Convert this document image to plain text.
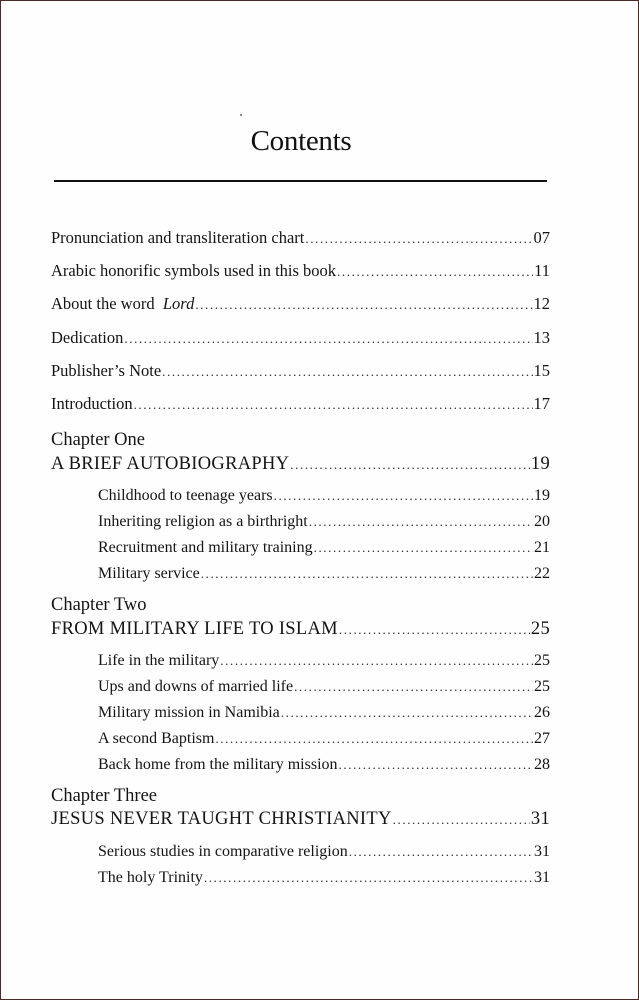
Contents
Pronunciation and transliteration chart .....	07
Arabic honorific symbols used in this book .....	11
About the word  Lord .....	12
Dedication .....	13
Publisher’s Note .....	15
Introduction .....	17
Chapter One
A BRIEF AUTOBIOGRAPHY .....	19
Childhood to teenage years .....	19
Inheriting religion as a birthright .....	20
Recruitment and military training .....	21
Military service .....	22
Chapter Two
FROM MILITARY LIFE TO ISLAM .....	25
Life in the military .....	25
Ups and downs of married life .....	25
Military mission in Namibia .....	26
A second Baptism .....	27
Back home from the military mission .....	28
Chapter Three
JESUS NEVER TAUGHT CHRISTIANITY .....	31
Serious studies in comparative religion .....	31
The holy Trinity .....	31
